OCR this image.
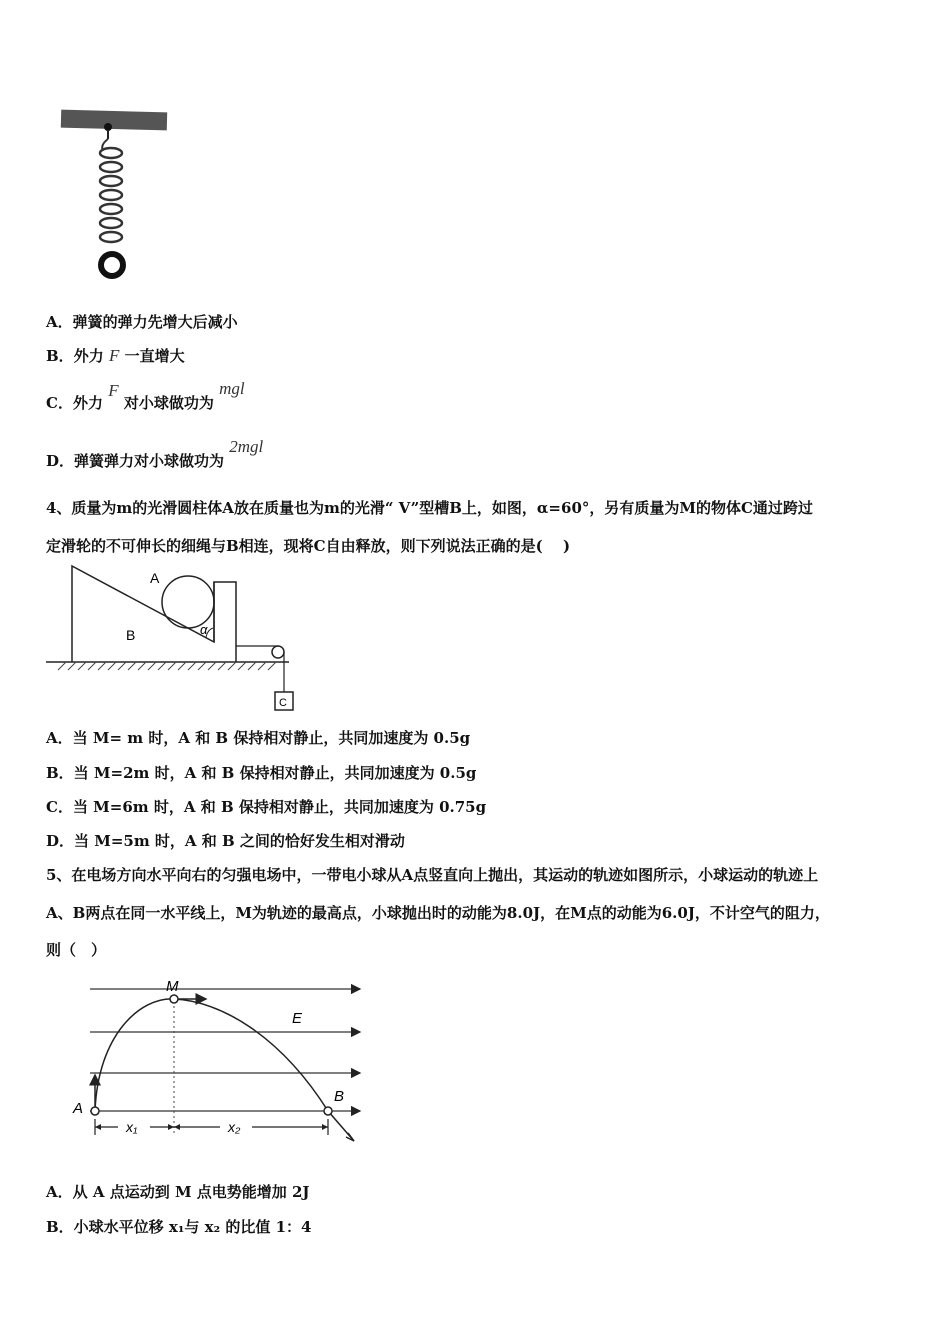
A．弹簧的弹力先增大后减小
B．外力 F 一直增大
C．外力 F 对小球做功为 mgl
D．弹簧弹力对小球做功为 2mgl
4、质量为m的光滑圆柱体A放在质量也为m的光滑“ V”型槽B上，如图，α=60°，另有质量为M的物体C通过跨过
定滑轮的不可伸长的细绳与B相连，现将C自由释放，则下列说法正确的是(　 )
A
B	α
C
A．当 M= m 时，A 和 B 保持相对静止，共同加速度为 0.5g
B．当 M=2m 时，A 和 B 保持相对静止，共同加速度为 0.5g
C．当 M=6m 时，A 和 B 保持相对静止，共同加速度为 0.75g
D．当 M=5m 时，A 和 B 之间的恰好发生相对滑动
5、在电场方向水平向右的匀强电场中，一带电小球从A点竖直向上抛出，其运动的轨迹如图所示，小球运动的轨迹上
A、B两点在同一水平线上，M为轨迹的最高点，小球抛出时的动能为8.0J，在M点的动能为6.0J，不计空气的阻力，
则（　）
M
E
A
B
x₁	x₂
A．从 A 点运动到 M 点电势能增加 2J
B．小球水平位移 x₁与 x₂ 的比值 1：4
